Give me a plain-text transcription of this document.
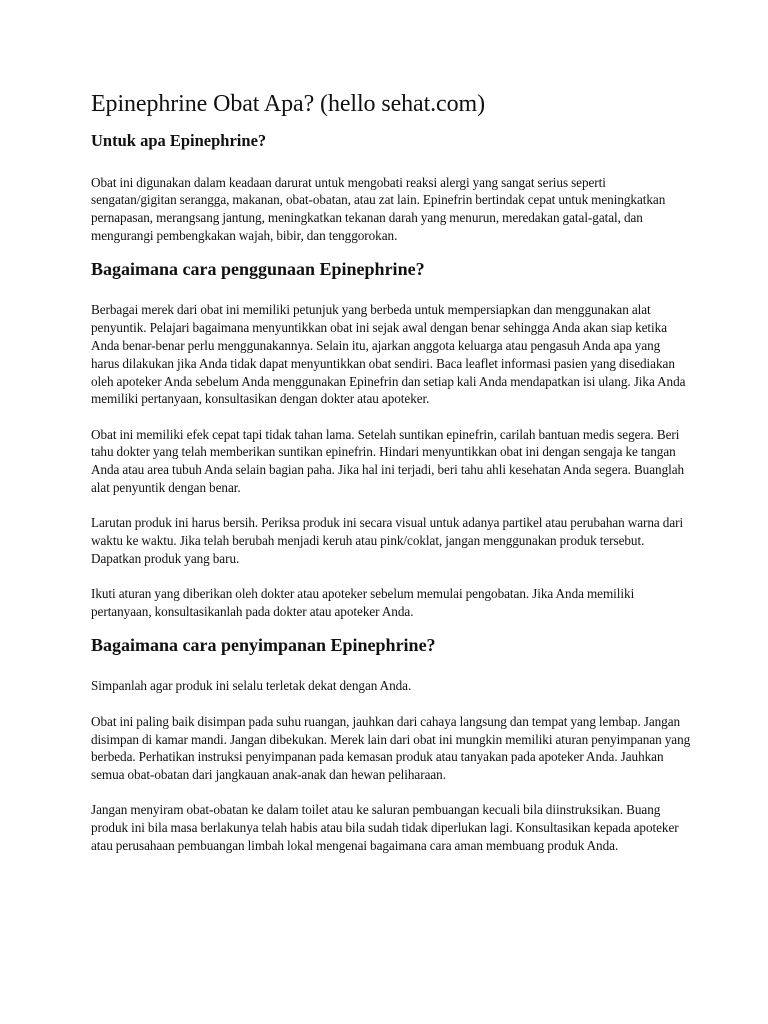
Epinephrine Obat Apa? (hello sehat.com)
Untuk apa Epinephrine?

Obat ini digunakan dalam keadaan darurat untuk mengobati reaksi alergi yang sangat serius seperti sengatan/gigitan serangga, makanan, obat-obatan, atau zat lain. Epinefrin bertindak cepat untuk meningkatkan pernapasan, merangsang jantung, meningkatkan tekanan darah yang menurun, meredakan gatal-gatal, dan mengurangi pembengkakan wajah, bibir, dan tenggorokan.

Bagaimana cara penggunaan Epinephrine?

Berbagai merek dari obat ini memiliki petunjuk yang berbeda untuk mempersiapkan dan menggunakan alat penyuntik. Pelajari bagaimana menyuntikkan obat ini sejak awal dengan benar sehingga Anda akan siap ketika Anda benar-benar perlu menggunakannya. Selain itu, ajarkan anggota keluarga atau pengasuh Anda apa yang harus dilakukan jika Anda tidak dapat menyuntikkan obat sendiri. Baca leaflet informasi pasien yang disediakan oleh apoteker Anda sebelum Anda menggunakan Epinefrin dan setiap kali Anda mendapatkan isi ulang. Jika Anda memiliki pertanyaan, konsultasikan dengan dokter atau apoteker.

Obat ini memiliki efek cepat tapi tidak tahan lama. Setelah suntikan epinefrin, carilah bantuan medis segera. Beri tahu dokter yang telah memberikan suntikan epinefrin. Hindari menyuntikkan obat ini dengan sengaja ke tangan Anda atau area tubuh Anda selain bagian paha. Jika hal ini terjadi, beri tahu ahli kesehatan Anda segera. Buanglah alat penyuntik dengan benar.

Larutan produk ini harus bersih. Periksa produk ini secara visual untuk adanya partikel atau perubahan warna dari waktu ke waktu. Jika telah berubah menjadi keruh atau pink/coklat, jangan menggunakan produk tersebut. Dapatkan produk yang baru.

Ikuti aturan yang diberikan oleh dokter atau apoteker sebelum memulai pengobatan. Jika Anda memiliki pertanyaan, konsultasikanlah pada dokter atau apoteker Anda.

Bagaimana cara penyimpanan Epinephrine?

Simpanlah agar produk ini selalu terletak dekat dengan Anda.

Obat ini paling baik disimpan pada suhu ruangan, jauhkan dari cahaya langsung dan tempat yang lembap. Jangan disimpan di kamar mandi. Jangan dibekukan. Merek lain dari obat ini mungkin memiliki aturan penyimpanan yang berbeda. Perhatikan instruksi penyimpanan pada kemasan produk atau tanyakan pada apoteker Anda. Jauhkan semua obat-obatan dari jangkauan anak-anak dan hewan peliharaan.

Jangan menyiram obat-obatan ke dalam toilet atau ke saluran pembuangan kecuali bila diinstruksikan. Buang produk ini bila masa berlakunya telah habis atau bila sudah tidak diperlukan lagi. Konsultasikan kepada apoteker atau perusahaan pembuangan limbah lokal mengenai bagaimana cara aman membuang produk Anda.
